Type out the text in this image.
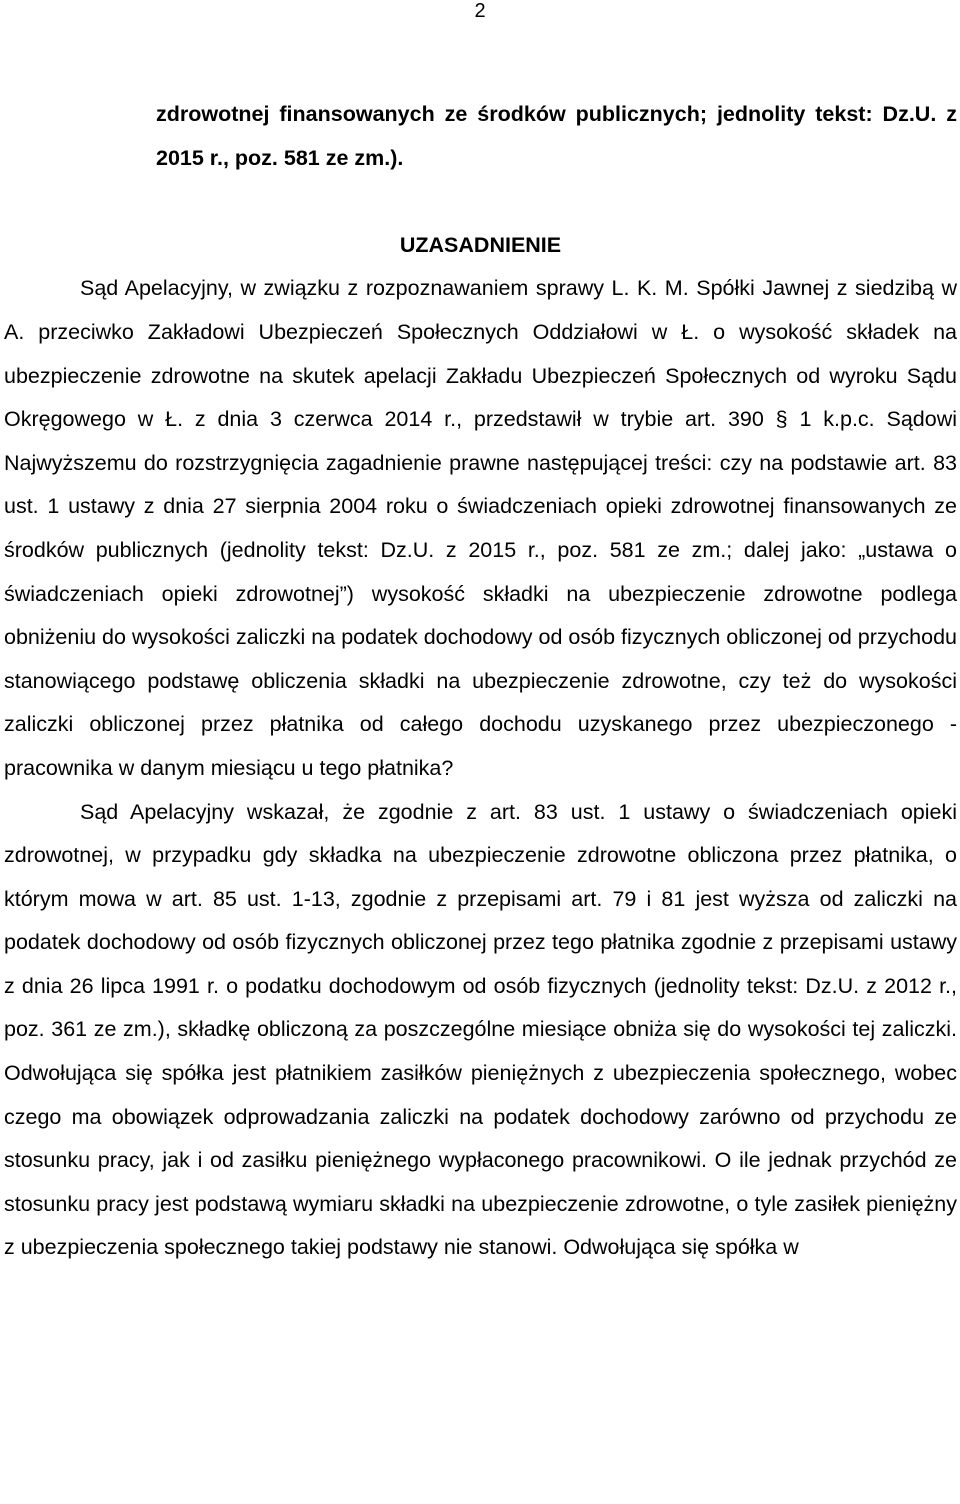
2

zdrowotnej finansowanych ze środków publicznych; jednolity tekst: Dz.U. z 2015 r., poz. 581 ze zm.).

UZASADNIENIE

Sąd Apelacyjny, w związku z rozpoznawaniem sprawy L. K. M. Spółki Jawnej z siedzibą w A. przeciwko Zakładowi Ubezpieczeń Społecznych Oddziałowi w Ł. o wysokość składek na ubezpieczenie zdrowotne na skutek apelacji Zakładu Ubezpieczeń Społecznych od wyroku Sądu Okręgowego w Ł. z dnia 3 czerwca 2014 r., przedstawił w trybie art. 390 § 1 k.p.c. Sądowi Najwyższemu do rozstrzygnięcia zagadnienie prawne następującej treści: czy na podstawie art. 83 ust. 1 ustawy z dnia 27 sierpnia 2004 roku o świadczeniach opieki zdrowotnej finansowanych ze środków publicznych (jednolity tekst: Dz.U. z 2015 r., poz. 581 ze zm.; dalej jako: „ustawa o świadczeniach opieki zdrowotnej”) wysokość składki na ubezpieczenie zdrowotne podlega obniżeniu do wysokości zaliczki na podatek dochodowy od osób fizycznych obliczonej od przychodu stanowiącego podstawę obliczenia składki na ubezpieczenie zdrowotne, czy też do wysokości zaliczki obliczonej przez płatnika od całego dochodu uzyskanego przez ubezpieczonego - pracownika w danym miesiącu u tego płatnika?

Sąd Apelacyjny wskazał, że zgodnie z art. 83 ust. 1 ustawy o świadczeniach opieki zdrowotnej, w przypadku gdy składka na ubezpieczenie zdrowotne obliczona przez płatnika, o którym mowa w art. 85 ust. 1-13, zgodnie z przepisami art. 79 i 81 jest wyższa od zaliczki na podatek dochodowy od osób fizycznych obliczonej przez tego płatnika zgodnie z przepisami ustawy z dnia 26 lipca 1991 r. o podatku dochodowym od osób fizycznych (jednolity tekst: Dz.U. z 2012 r., poz. 361 ze zm.), składkę obliczoną za poszczególne miesiące obniża się do wysokości tej zaliczki. Odwołująca się spółka jest płatnikiem zasiłków pieniężnych z ubezpieczenia społecznego, wobec czego ma obowiązek odprowadzania zaliczki na podatek dochodowy zarówno od przychodu ze stosunku pracy, jak i od zasiłku pieniężnego wypłaconego pracownikowi. O ile jednak przychód ze stosunku pracy jest podstawą wymiaru składki na ubezpieczenie zdrowotne, o tyle zasiłek pieniężny z ubezpieczenia społecznego takiej podstawy nie stanowi. Odwołująca się spółka w
